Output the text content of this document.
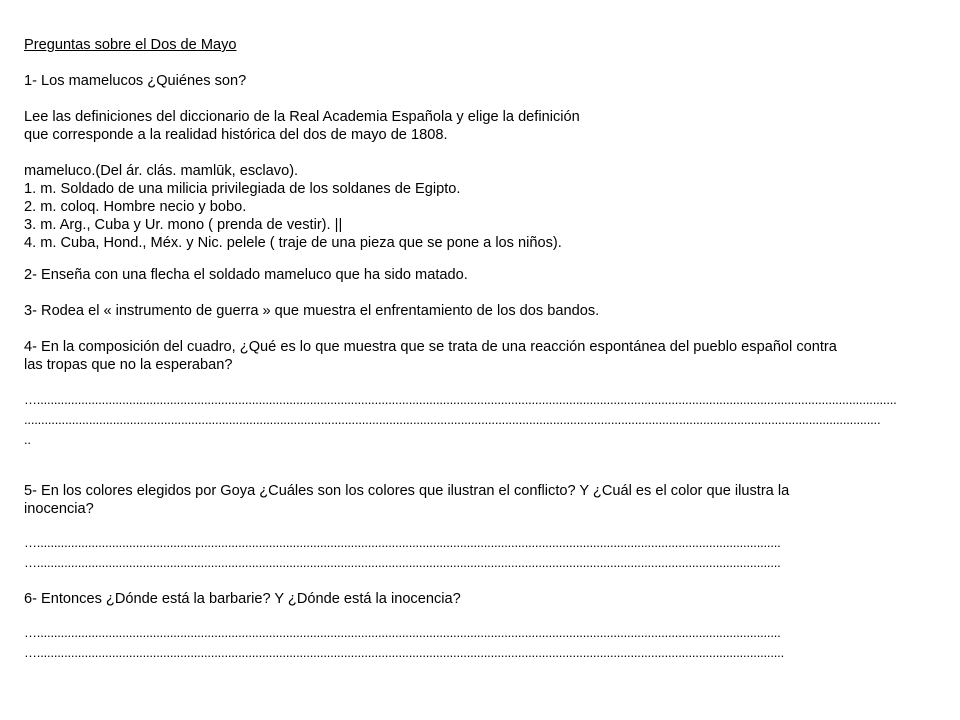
Preguntas sobre el Dos de Mayo

1- Los mamelucos ¿Quiénes son?

Lee las definiciones del diccionario de la Real Academia Española y elige la definición

que corresponde a la realidad histórica del dos de mayo de 1808.

mameluco.(Del ár. clás. mamlūk, esclavo).

1. m. Soldado de una milicia privilegiada de los soldanes de Egipto.

2. m. coloq. Hombre necio y bobo.

3. m. Arg., Cuba y Ur. mono ( prenda de vestir). ||

4. m. Cuba, Hond., Méx. y Nic. pelele ( traje de una pieza que se pone a los niños).

2- Enseña con una flecha el soldado mameluco que ha sido matado.

3- Rodea el « instrumento de guerra » que muestra el enfrentamiento de los dos bandos.

4- En la composición del cuadro, ¿Qué es lo que muestra que se trata de una reacción espontánea del pueblo español contra

las tropas que no la esperaban?

…............................................................................................................................................................................................................................................................

...........................................................................................................................................................................................................................................................

..

5- En los colores elegidos por Goya ¿Cuáles son los colores que ilustran el conflicto? Y ¿Cuál es el color que ilustra la

inocencia?

…..........................................................................................................................................................................................................................

…..........................................................................................................................................................................................................................

6- Entonces ¿Dónde está la barbarie? Y ¿Dónde está la inocencia?

…..........................................................................................................................................................................................................................

…...........................................................................................................................................................................................................................
